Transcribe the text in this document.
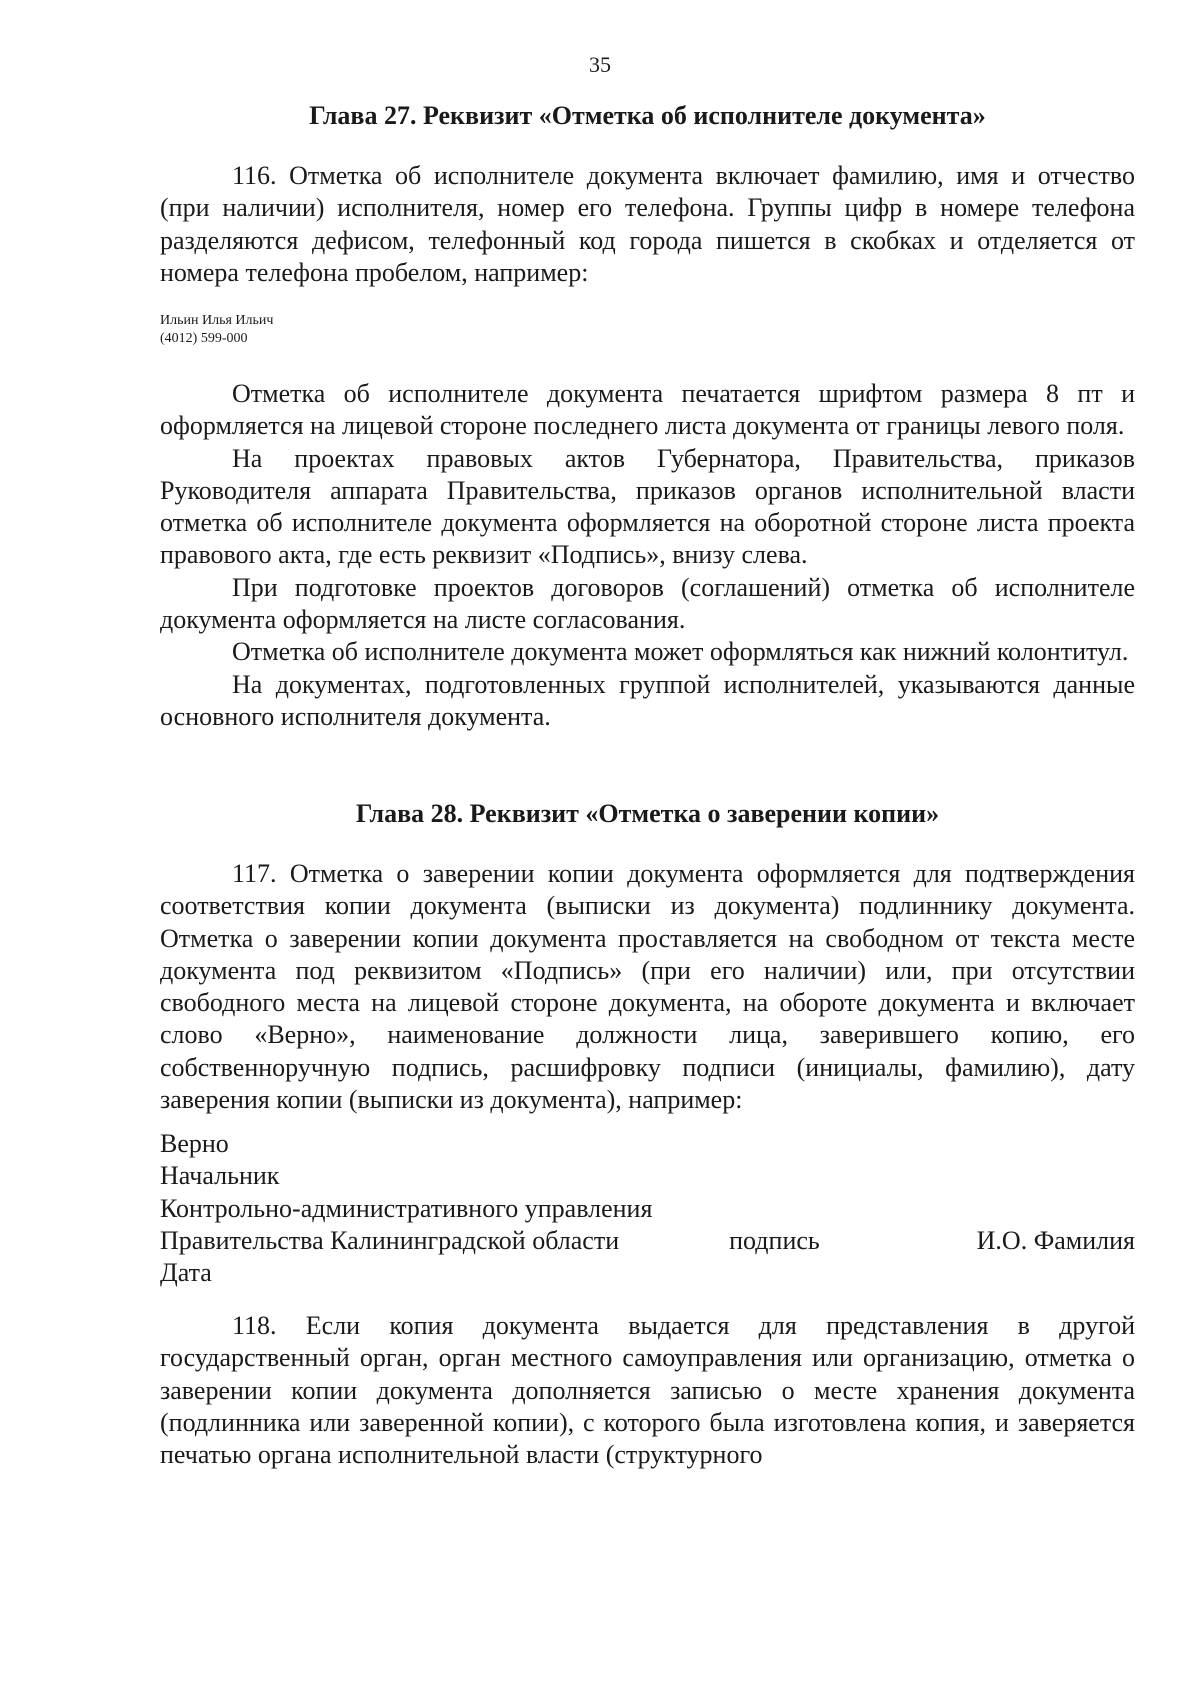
35

Глава 27. Реквизит «Отметка об исполнителе документа»

116. Отметка об исполнителе документа включает фамилию, имя и отчество (при наличии) исполнителя, номер его телефона. Группы цифр в номере телефона разделяются дефисом, телефонный код города пишется в скобках и отделяется от номера телефона пробелом, например:

Ильин Илья Ильич

(4012) 599-000

Отметка об исполнителе документа печатается шрифтом размера 8 пт и оформляется на лицевой стороне последнего листа документа от границы левого поля.

На проектах правовых актов Губернатора, Правительства, приказов Руководителя аппарата Правительства, приказов органов исполнительной власти отметка об исполнителе документа оформляется на оборотной стороне листа проекта правового акта, где есть реквизит «Подпись», внизу слева.

При подготовке проектов договоров (соглашений) отметка об исполнителе документа оформляется на листе согласования.

Отметка об исполнителе документа может оформляться как нижний колонтитул.

На документах, подготовленных группой исполнителей, указываются данные основного исполнителя документа.

Глава 28. Реквизит «Отметка о заверении копии»

117. Отметка о заверении копии документа оформляется для подтверждения соответствия копии документа (выписки из документа) подлиннику документа. Отметка о заверении копии документа проставляется на свободном от текста месте документа под реквизитом «Подпись» (при его наличии) или, при отсутствии свободного места на лицевой стороне документа, на обороте документа и включает слово «Верно», наименование должности лица, заверившего копию, его собственноручную подпись, расшифровку подписи (инициалы, фамилию), дату заверения копии (выписки из документа), например:

Верно
Начальник
Контрольно-административного управления
Правительства Калининградской области	подпись	И.О. Фамилия
Дата

118. Если копия документа выдается для представления в другой государственный орган, орган местного самоуправления или организацию, отметка о заверении копии документа дополняется записью о месте хранения документа (подлинника или заверенной копии), с которого была изготовлена копия, и заверяется печатью органа исполнительной власти (структурного
